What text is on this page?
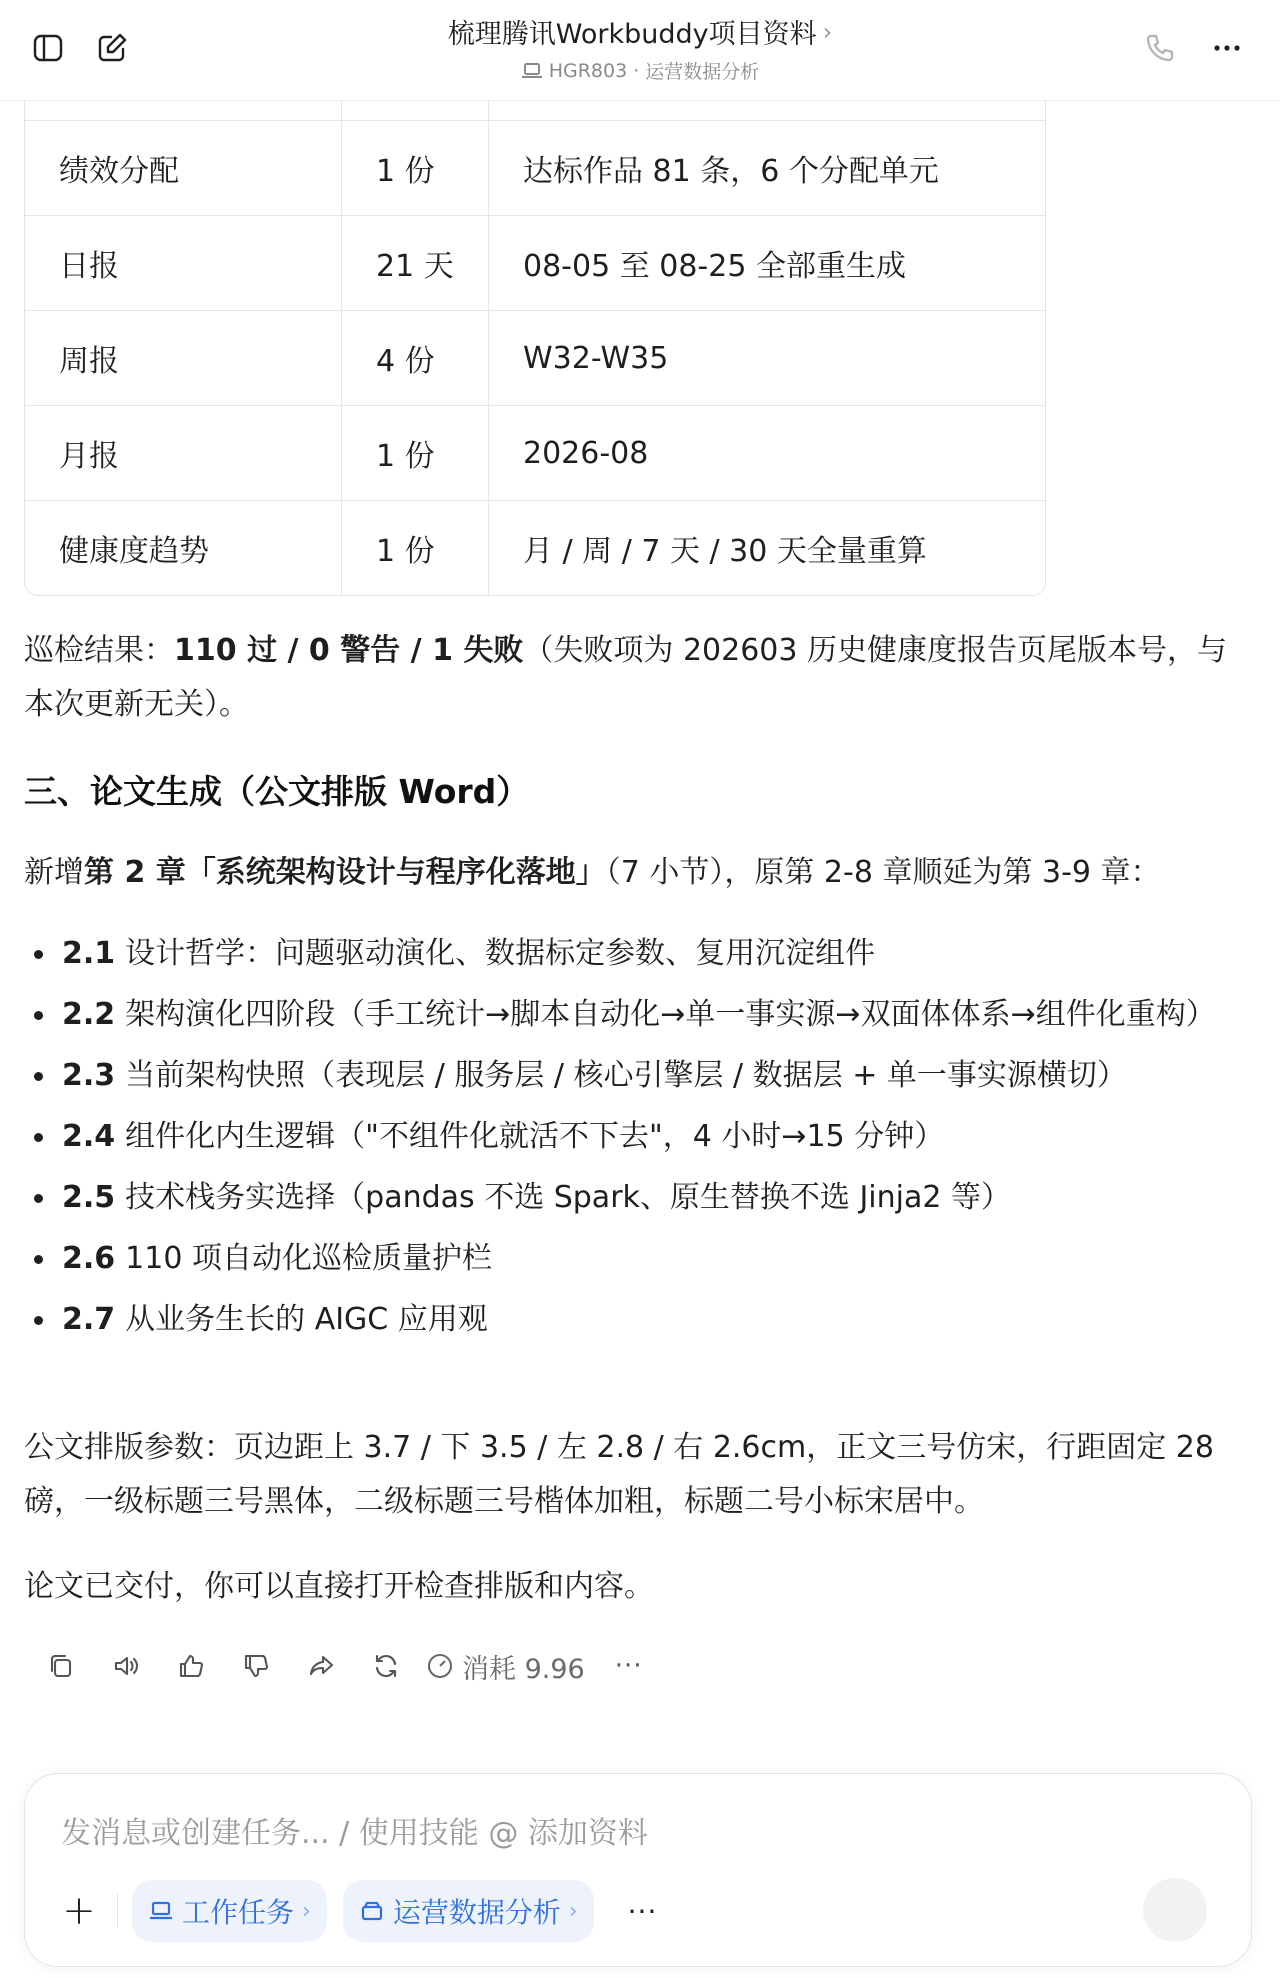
梳理腾讯Workbuddy项目资料 ›
HGR803 · 运营数据分析
绩效分配	1 份	达标作品 81 条，6 个分配单元
日报	21 天	08-05 至 08-25 全部重生成
周报	4 份	W32-W35
月报	1 份	2026-08
健康度趋势	1 份	月 / 周 / 7 天 / 30 天全量重算
巡检结果：110 过 / 0 警告 / 1 失败（失败项为 202603 历史健康度报告页尾版本号，与本次更新无关）。
三、论文生成（公文排版 Word）
新增第 2 章「系统架构设计与程序化落地」（7 小节），原第 2-8 章顺延为第 3-9 章：
2.1 设计哲学：问题驱动演化、数据标定参数、复用沉淀组件
2.2 架构演化四阶段（手工统计→脚本自动化→单一事实源→双面体体系→组件化重构）
2.3 当前架构快照（表现层 / 服务层 / 核心引擎层 / 数据层 + 单一事实源横切）
2.4 组件化内生逻辑（"不组件化就活不下去"，4 小时→15 分钟）
2.5 技术栈务实选择（pandas 不选 Spark、原生替换不选 Jinja2 等）
2.6 110 项自动化巡检质量护栏
2.7 从业务生长的 AIGC 应用观
公文排版参数：页边距上 3.7 / 下 3.5 / 左 2.8 / 右 2.6cm，正文三号仿宋，行距固定 28 磅，一级标题三号黑体，二级标题三号楷体加粗，标题二号小标宋居中。
论文已交付，你可以直接打开检查排版和内容。
消耗 9.96 ···
发消息或创建任务... / 使用技能 @ 添加资料
+	工作任务 ›	运营数据分析 › ···
